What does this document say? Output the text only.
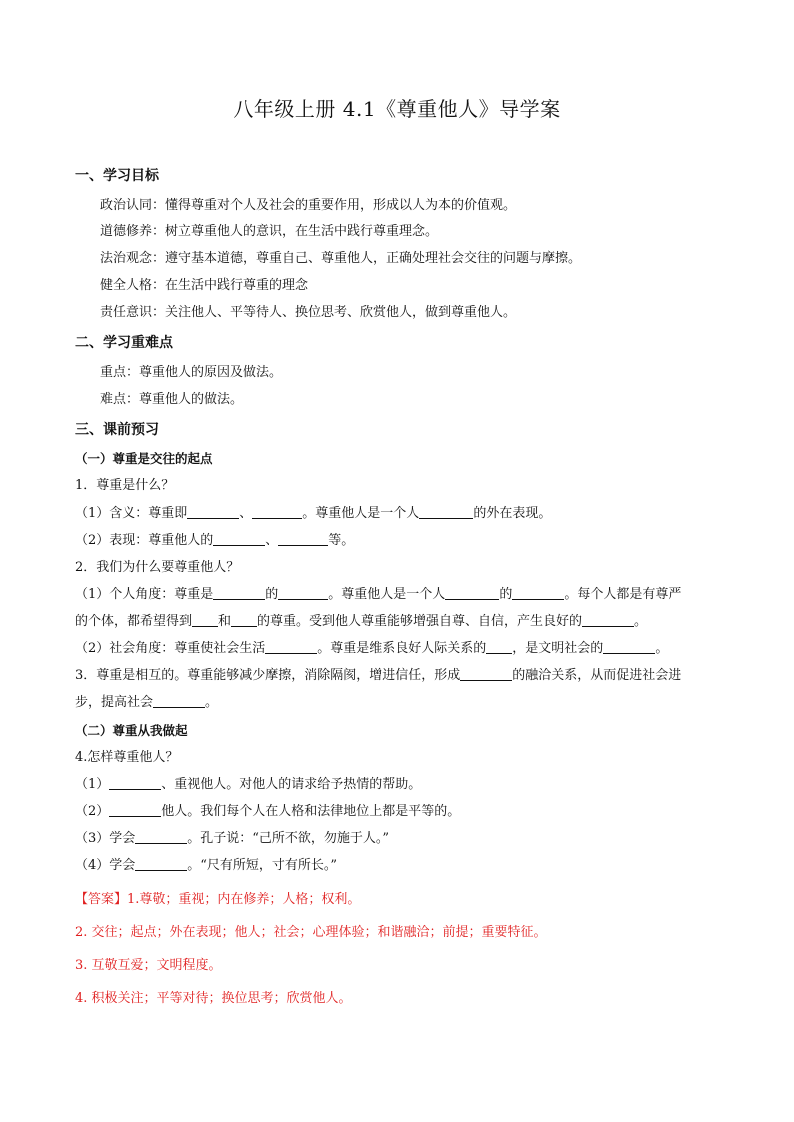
八年级上册 4.1《尊重他人》导学案

一、学习目标

政治认同：懂得尊重对个人及社会的重要作用，形成以人为本的价值观。

道德修养：树立尊重他人的意识，在生活中践行尊重理念。

法治观念：遵守基本道德，尊重自己、尊重他人，正确处理社会交往的问题与摩擦。

健全人格：在生活中践行尊重的理念

责任意识：关注他人、平等待人、换位思考、欣赏他人，做到尊重他人。

二、学习重难点

重点：尊重他人的原因及做法。

难点：尊重他人的做法。

三、课前预习

（一）尊重是交往的起点

1．尊重是什么？

（1）含义：尊重即	、	。尊重他人是一个人	的外在表现。

（2）表现：尊重他人的	、	等。

2．我们为什么要尊重他人？

（1）个人角度：尊重是	的	。尊重他人是一个人	的	。每个人都是有尊严

的个体，都希望得到 和 的尊重。受到他人尊重能够增强自尊、自信，产生良好的	。

（2）社会角度：尊重使社会生活	。尊重是维系良好人际关系的 ，是文明社会的	。

3．尊重是相互的。尊重能够减少摩擦，消除隔阂，增进信任，形成	的融洽关系，从而促进社会进

步，提高社会	。

（二）尊重从我做起

4.怎样尊重他人？

（1）	、重视他人。对他人的请求给予热情的帮助。

（2）	他人。我们每个人在人格和法律地位上都是平等的。

（3）学会	。孔子说：“己所不欲，勿施于人。”

（4）学会	。“尺有所短，寸有所长。”

【答案】1.尊敬；重视；内在修养；人格；权利。

2. 交往；起点；外在表现；他人；社会；心理体验；和谐融洽；前提；重要特征。

3. 互敬互爱；文明程度。

4. 积极关注；平等对待；换位思考；欣赏他人。
